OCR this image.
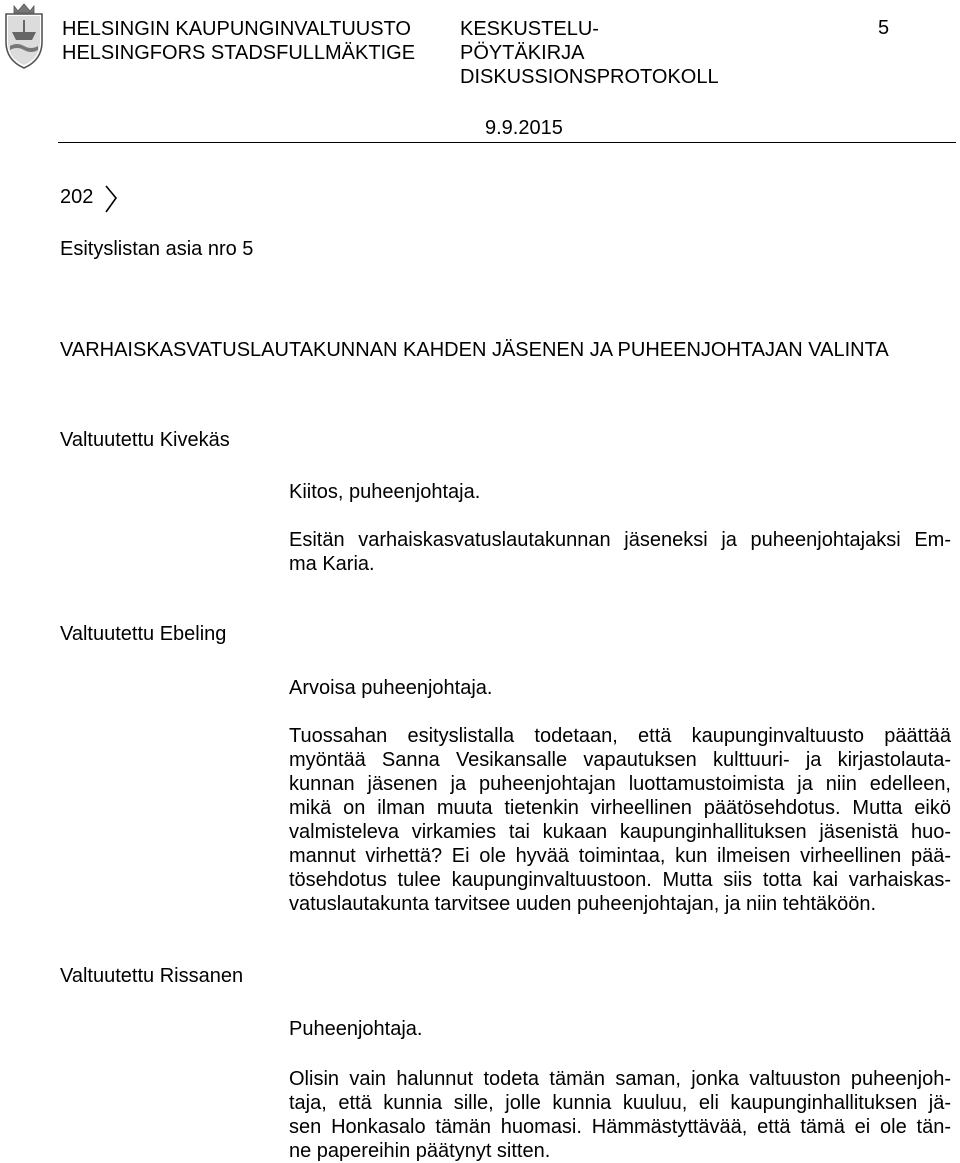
HELSINGIN KAUPUNGINVALTUUSTO
HELSINGFORS STADSFULLMÄKTIGE
KESKUSTELU-
PÖYTÄKIRJA
DISKUSSIONSPROTOKOLL
5
9.9.2015
202
Esityslistan asia nro 5
VARHAISKASVATUSLAUTAKUNNAN KAHDEN JÄSENEN JA PUHEENJOHTAJAN VALINTA
Valtuutettu Kivekäs
Kiitos, puheenjohtaja.
Esitän varhaiskasvatuslautakunnan jäseneksi ja puheenjohtajaksi Em-
ma Karia.
Valtuutettu Ebeling
Arvoisa puheenjohtaja.
Tuossahan esityslistalla todetaan, että kaupunginvaltuusto päättää
myöntää Sanna Vesikansalle vapautuksen kulttuuri- ja kirjastolauta-
kunnan jäsenen ja puheenjohtajan luottamustoimista ja niin edelleen,
mikä on ilman muuta tietenkin virheellinen päätösehdotus. Mutta eikö
valmisteleva virkamies tai kukaan kaupunginhallituksen jäsenistä huo-
mannut virhettä? Ei ole hyvää toimintaa, kun ilmeisen virheellinen pää-
tösehdotus tulee kaupunginvaltuustoon. Mutta siis totta kai varhaiskas-
vatuslautakunta tarvitsee uuden puheenjohtajan, ja niin tehtäköön.
Valtuutettu Rissanen
Puheenjohtaja.
Olisin vain halunnut todeta tämän saman, jonka valtuuston puheenjoh-
taja, että kunnia sille, jolle kunnia kuuluu, eli kaupunginhallituksen jä-
sen Honkasalo tämän huomasi. Hämmästyttävää, että tämä ei ole tän-
ne papereihin päätynyt sitten.
